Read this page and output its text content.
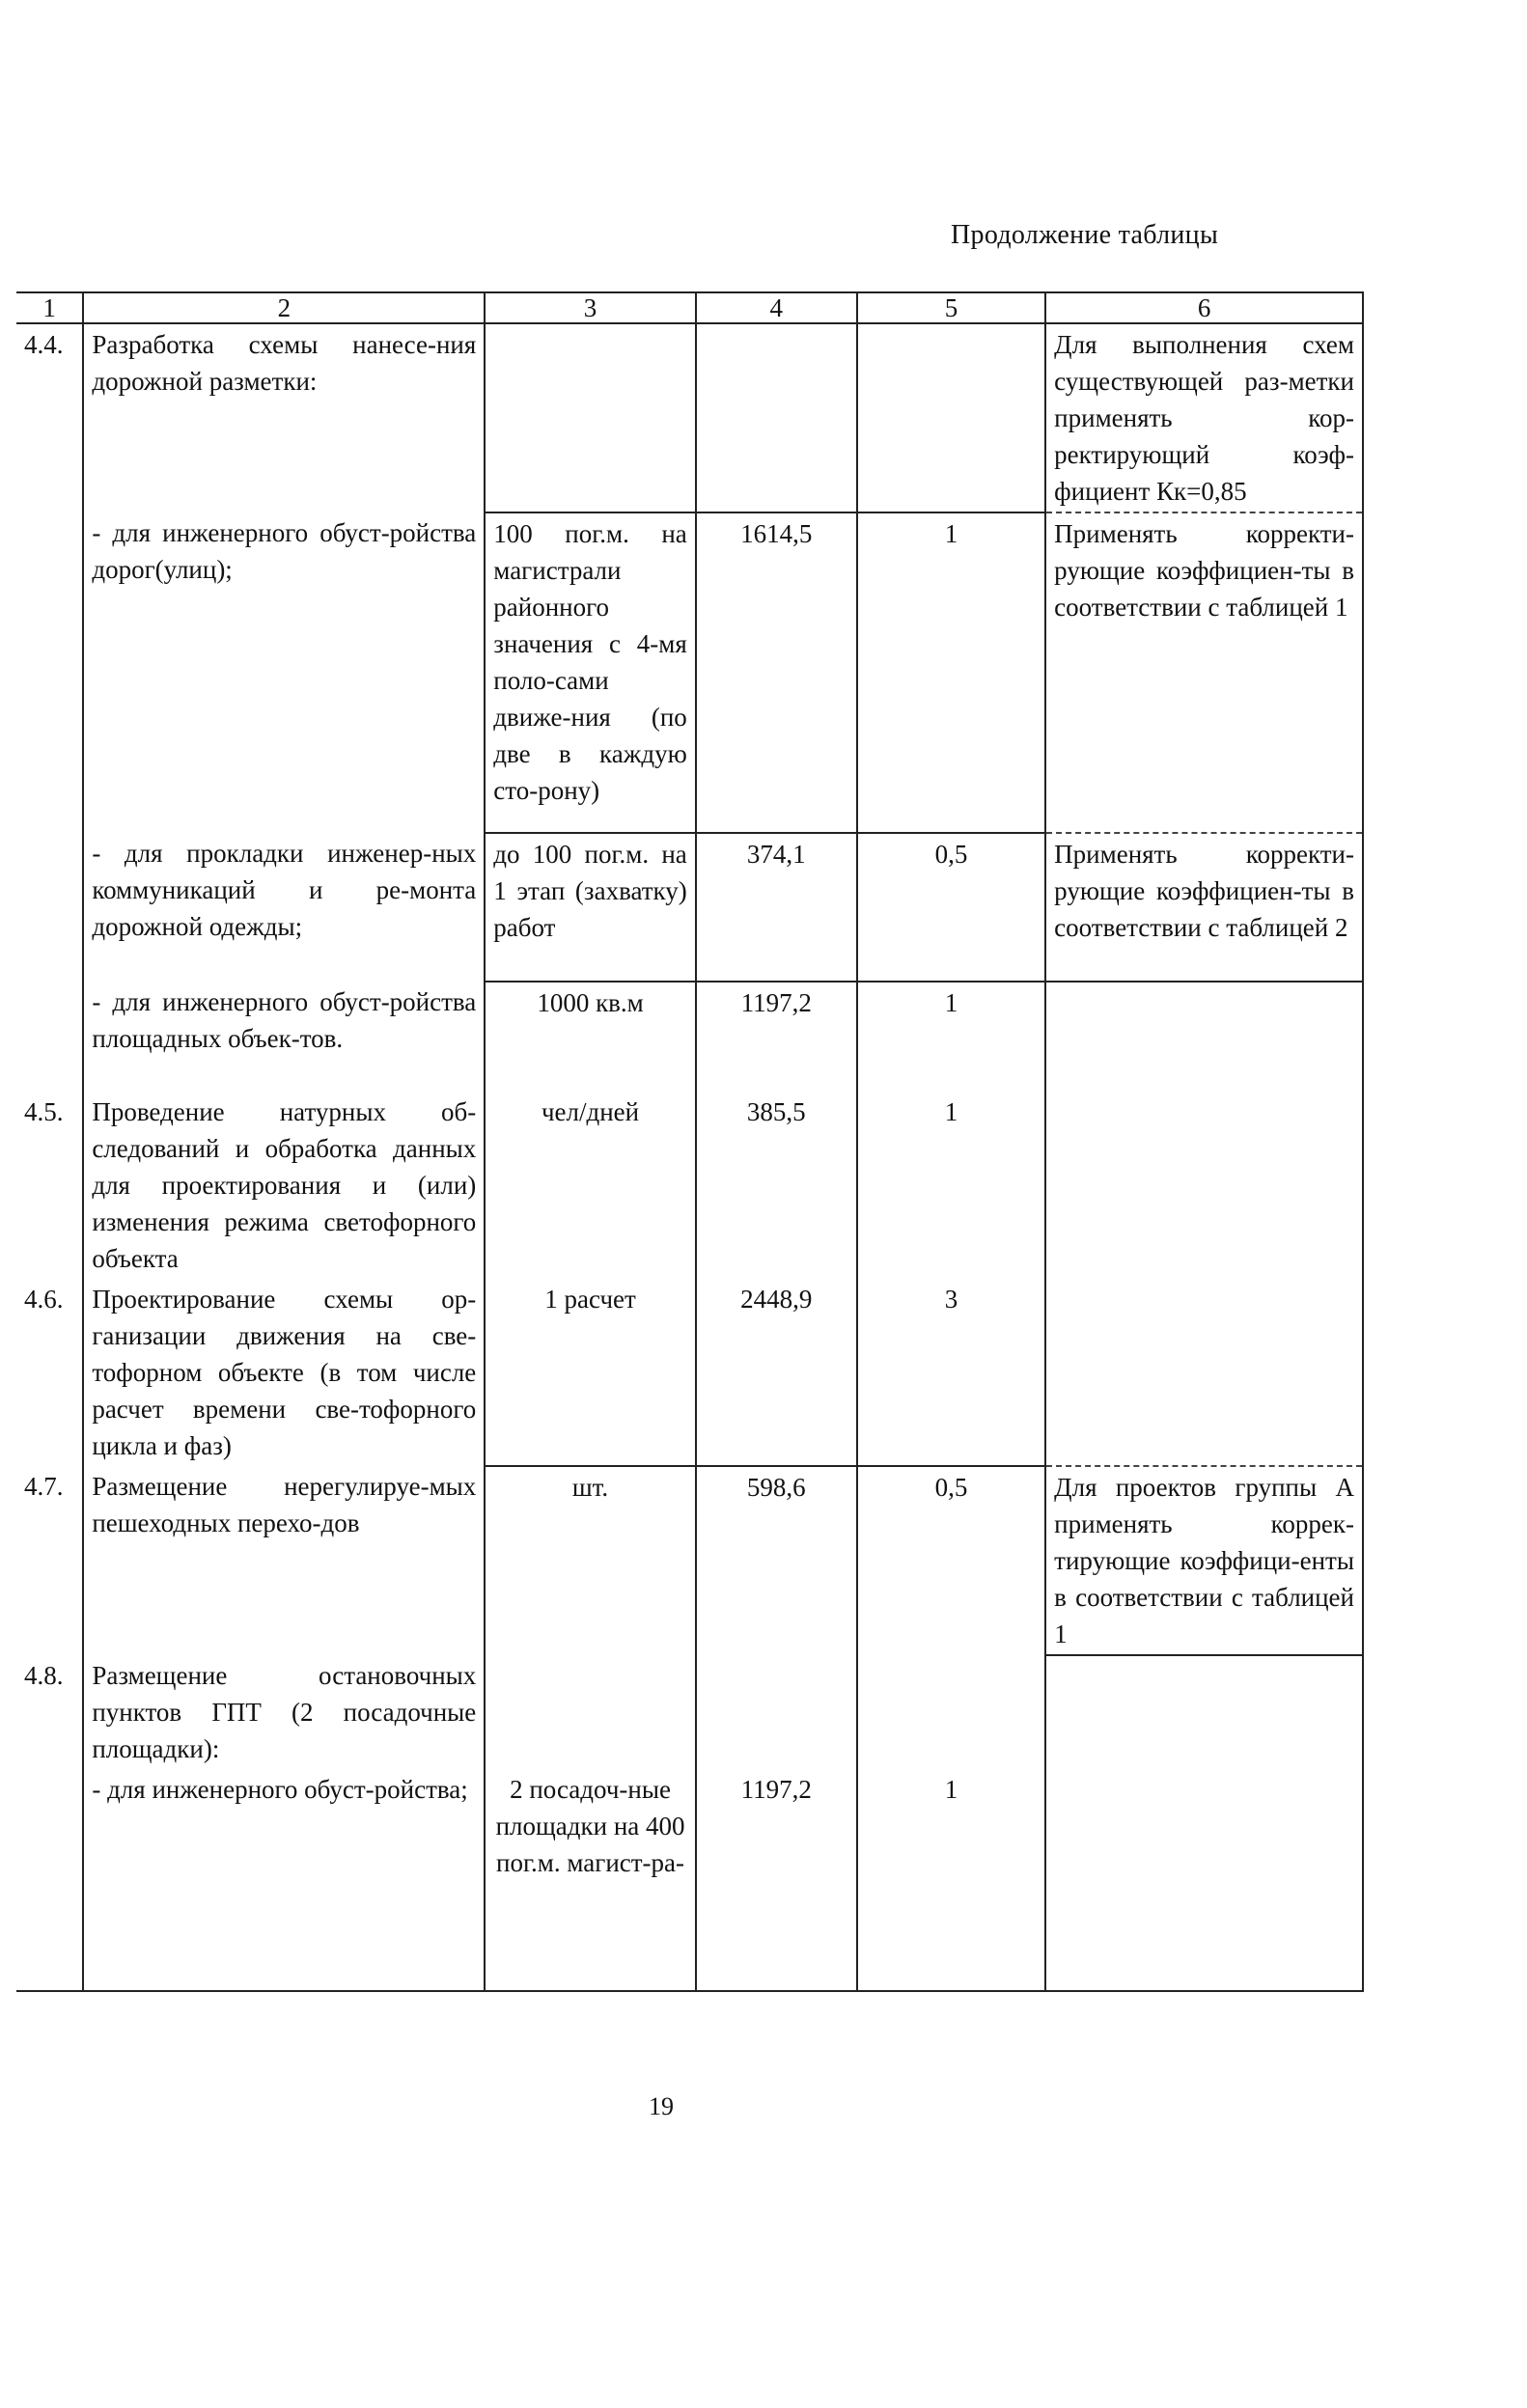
Продолжение таблицы
1	2	3	4	5	6
4.4.	Разработка схемы нанесе-ния дорожной разметки:				Для выполнения схем существующей раз-метки применять кор-ректирующий коэф-фициент Кк=0,85
	- для инженерного обуст-ройства дорог(улиц);	100 пог.м. на магистрали районного значения с 4-мя поло-сами движе-ния (по две в каждую сто-рону)	1614,5	1	Применять корректи-рующие коэффициен-ты в соответствии с таблицей 1
	- для прокладки инженер-ных коммуникаций и ре-монта дорожной одежды;	до 100 пог.м. на 1 этап (захватку) работ	374,1	0,5	Применять корректи-рующие коэффициен-ты в соответствии с таблицей 2
	- для инженерного обуст-ройства площадных объек-тов.	1000 кв.м	1197,2	1	
4.5.	Проведение натурных об-следований и обработка данных для проектирования и (или) изменения режима светофорного объекта	чел/дней	385,5	1	
4.6.	Проектирование схемы ор-ганизации движения на све-тофорном объекте (в том числе расчет времени све-тофорного цикла и фаз)	1 расчет	2448,9	3	
4.7.	Размещение нерегулируе-мых пешеходных перехо-дов	шт.	598,6	0,5	Для проектов группы А применять коррек-тирующие коэффици-енты в соответствии с таблицей 1
4.8.	Размещение остановочных пунктов ГПТ (2 посадочные площадки):				
	- для инженерного обуст-ройства;	2 посадоч-ные площадки на 400 пог.м. магист-ра-	1197,2	1	
19
